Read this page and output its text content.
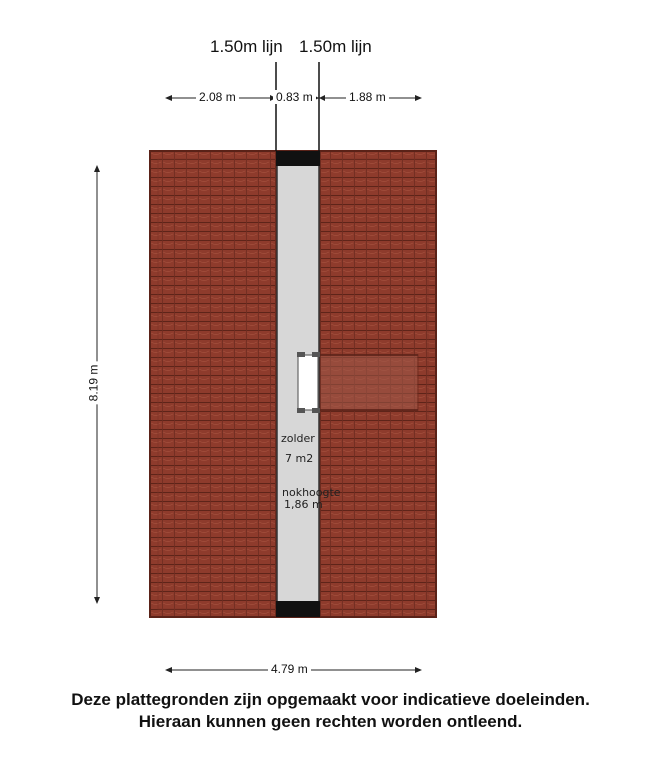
1.50m lijn 1.50m lijn
2.08 m	0.83 m	1.88 m
8.19 m
4.79 m
zolder
7 m2
nokhoogte
1,86 m
Deze plattegronden zijn opgemaakt voor indicatieve doeleinden.
Hieraan kunnen geen rechten worden ontleend.
